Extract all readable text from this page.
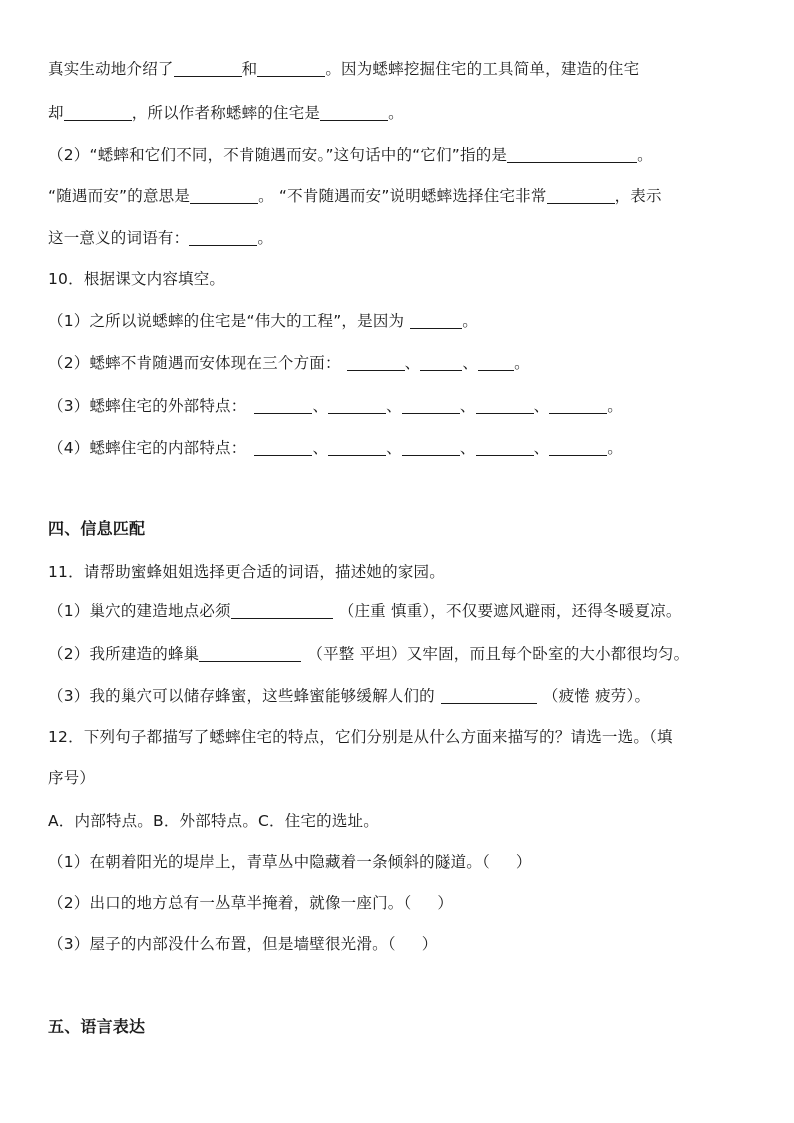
真实生动地介绍了	和	。因为蟋蟀挖掘住宅的工具简单，建造的住宅
却	，所以作者称蟋蟀的住宅是	。
（2）“蟋蟀和它们不同，不肯随遇而安。”这句话中的“它们”指的是	。
“随遇而安”的意思是	。 “不肯随遇而安”说明蟋蟀选择住宅非常	，表示
这一意义的词语有：	。
10．根据课文内容填空。
（1）之所以说蟋蟀的住宅是“伟大的工程”，是因为	。
（2）蟋蟀不肯随遇而安体现在三个方面：	、	、 。
（3）蟋蟀住宅的外部特点：	、	、	、	、	。
（4）蟋蟀住宅的内部特点：	、	、	、	、	。
四、信息匹配
11．请帮助蜜蜂姐姐选择更合适的词语，描述她的家园。
（1）巢穴的建造地点必须	（庄重 慎重），不仅要遮风避雨，还得冬暖夏凉。
（2）我所建造的蜂巢	（平整 平坦）又牢固，而且每个卧室的大小都很均匀。
（3）我的巢穴可以储存蜂蜜，这些蜂蜜能够缓解人们的	（疲惓 疲劳）。
12．下列句子都描写了蟋蟀住宅的特点，它们分别是从什么方面来描写的？请选一选。（填
序号）
A．内部特点。B．外部特点。C．住宅的选址。
（1）在朝着阳光的堤岸上，青草丛中隐藏着一条倾斜的隧道。（ ）
（2）出口的地方总有一丛草半掩着，就像一座门。（ ）
（3）屋子的内部没什么布置，但是墙壁很光滑。（ ）
五、语言表达
